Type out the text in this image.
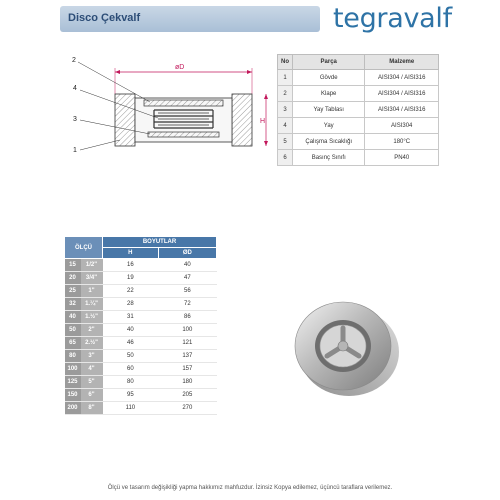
Disco Çekvalf	tegravalf
øD
H
2
4
3
1
No	Parça	Malzeme
1	Gövde	AISI304 / AISI316
2	Klape	AISI304 / AISI316
3	Yay Tablası	AISI304 / AISI316
4	Yay	AISI304
5	Çalışma Sıcaklığı	180°C
6	Basınç Sınıfı	PN40
ÖLÇÜ		BOYUTLAR	
		H	ØD
15	1/2"	16	40
20	3/4"	19	47
25	1"	22	56
32	1.¼"	28	72
40	1.½"	31	86
50	2"	40	100
65	2.½"	46	121
80	3"	50	137
100	4"	60	157
125	5"	80	180
150	6"	95	205
200	8"	110	270
Ölçü ve tasarım değişikliği yapma hakkımız mahfuzdur. İzinsiz Kopya edilemez, üçüncü taraflara verilemez.
